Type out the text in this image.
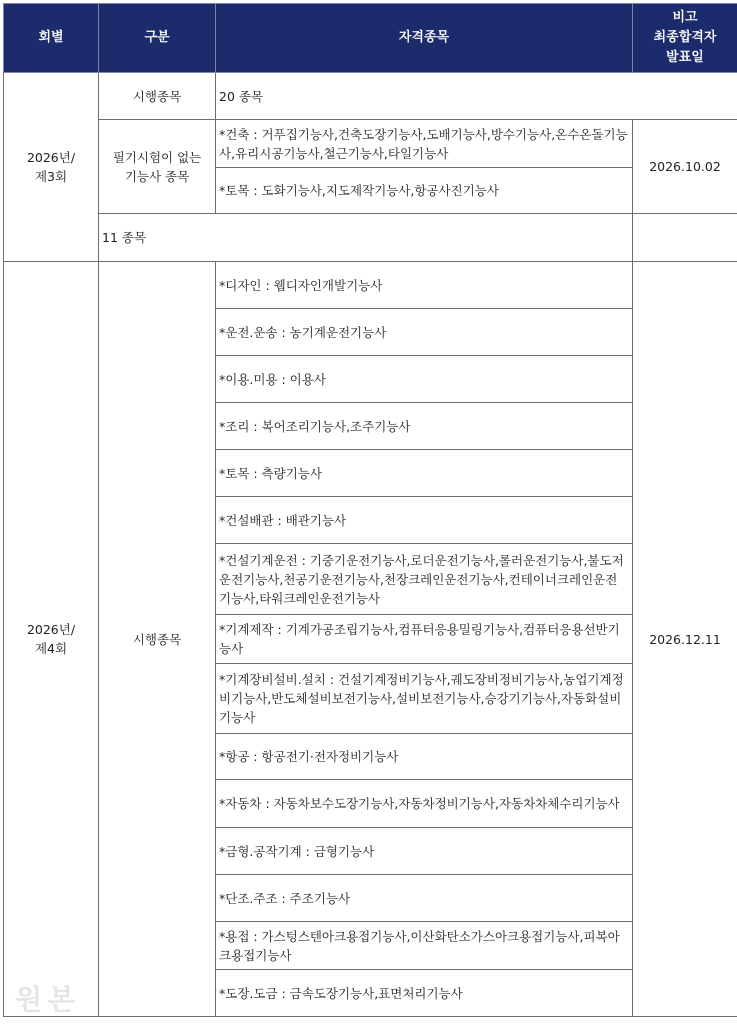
회별	구분	자격종목	비고
최종합격자
발표일

2026년/
제3회	시행종목	20 종목	

	필기시험이 없는
기능사 종목	*건축 : 거푸집기능사,건축도장기능사,도배기능사,방수기능사,온수온돌기능사,유리시공기능사,철근기능사,타일기능사	2026.10.02
		*토목 : 도화기능사,지도제작기능사,항공사진기능사	
	11 종목		

2026년/
제4회	시행종목	*디자인 : 웹디자인개발기능사	2026.12.11
		*운전.운송 : 농기계운전기능사	
		*이용.미용 : 이용사	
		*조리 : 복어조리기능사,조주기능사	
		*토목 : 측량기능사	
		*건설배관 : 배관기능사	
		*건설기계운전 : 기중기운전기능사,로더운전기능사,롤러운전기능사,불도저운전기능사,천공기운전기능사,천장크레인운전기능사,컨테이너크레인운전기능사,타워크레인운전기능사	
		*기계제작 : 기계가공조립기능사,컴퓨터응용밀링기능사,컴퓨터응용선반기능사	
		*기계장비설비.설치 : 건설기계정비기능사,궤도장비정비기능사,농업기계정비기능사,반도체설비보전기능사,설비보전기능사,승강기기능사,자동화설비기능사	
		*항공 : 항공전기·전자정비기능사	
		*자동차 : 자동차보수도장기능사,자동차정비기능사,자동차차체수리기능사	
		*금형.공작기계 : 금형기능사	
		*단조.주조 : 주조기능사	
		*용접 : 가스텅스텐아크용접기능사,이산화탄소가스아크용접기능사,피복아크용접기능사	
		*도장.도금 : 금속도장기능사,표면처리기능사	
원본
